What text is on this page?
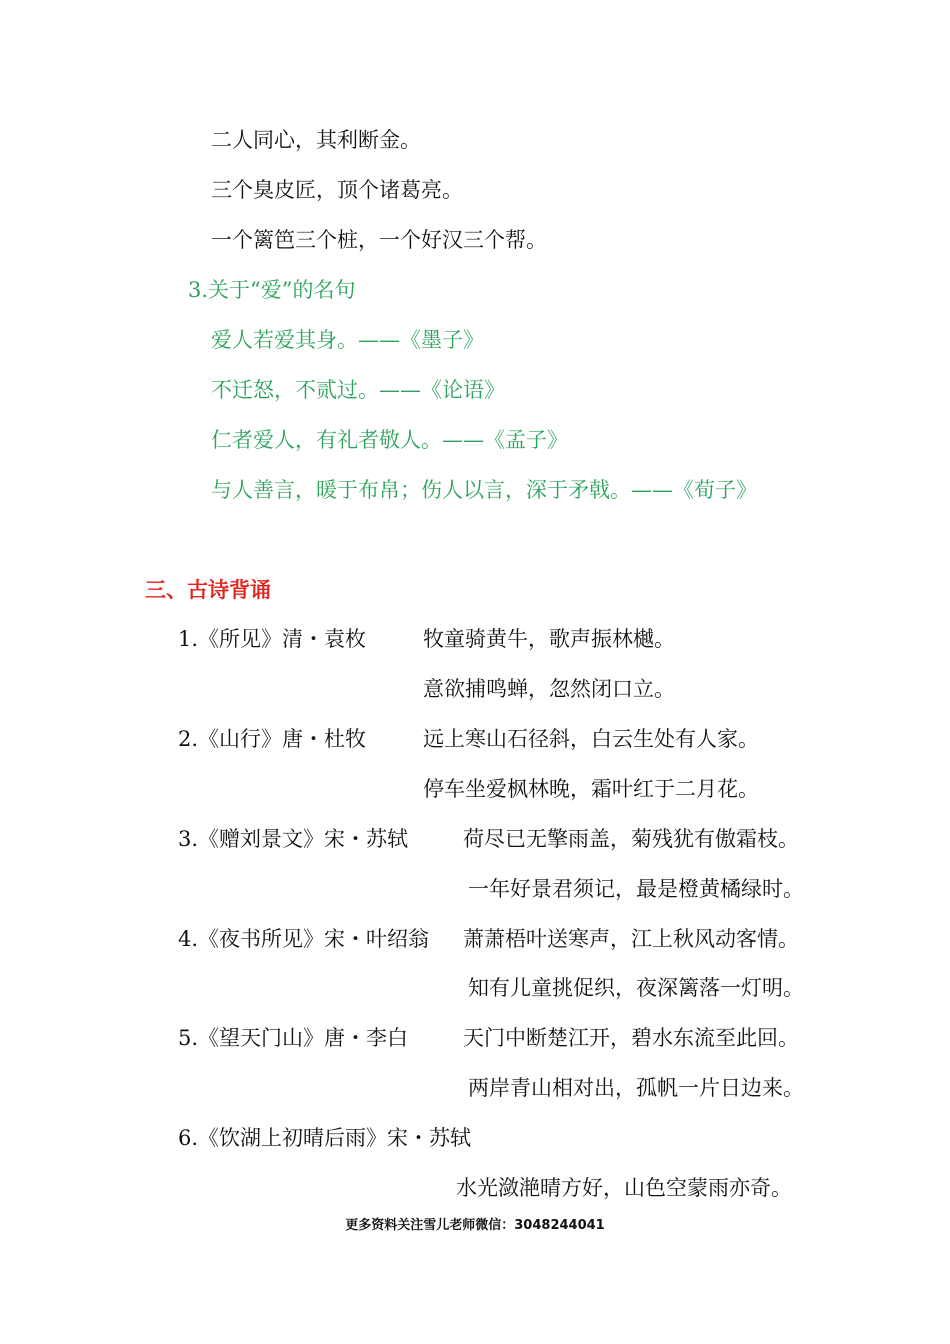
二人同心，其利断金。
三个臭皮匠，顶个诸葛亮。
一个篱笆三个桩，一个好汉三个帮。
3.关于“爱”的名句
爱人若爱其身。——《墨子》
不迁怒，不贰过。——《论语》
仁者爱人，有礼者敬人。——《孟子》
与人善言，暖于布帛；伤人以言，深于矛戟。——《荀子》
三、古诗背诵
1.《所见》清・袁枚	牧童骑黄牛，歌声振林樾。
意欲捕鸣蝉，忽然闭口立。
2.《山行》唐・杜牧	远上寒山石径斜，白云生处有人家。
停车坐爱枫林晚，霜叶红于二月花。
3.《赠刘景文》宋・苏轼	荷尽已无擎雨盖，菊残犹有傲霜枝。
一年好景君须记，最是橙黄橘绿时。
4.《夜书所见》宋・叶绍翁 萧萧梧叶送寒声，江上秋风动客情。
知有儿童挑促织，夜深篱落一灯明。
5.《望天门山》唐・李白	天门中断楚江开，碧水东流至此回。
两岸青山相对出，孤帆一片日边来。
6.《饮湖上初晴后雨》宋・苏轼
水光潋滟晴方好，山色空蒙雨亦奇。
更多资料关注雪儿老师微信：3048244041
